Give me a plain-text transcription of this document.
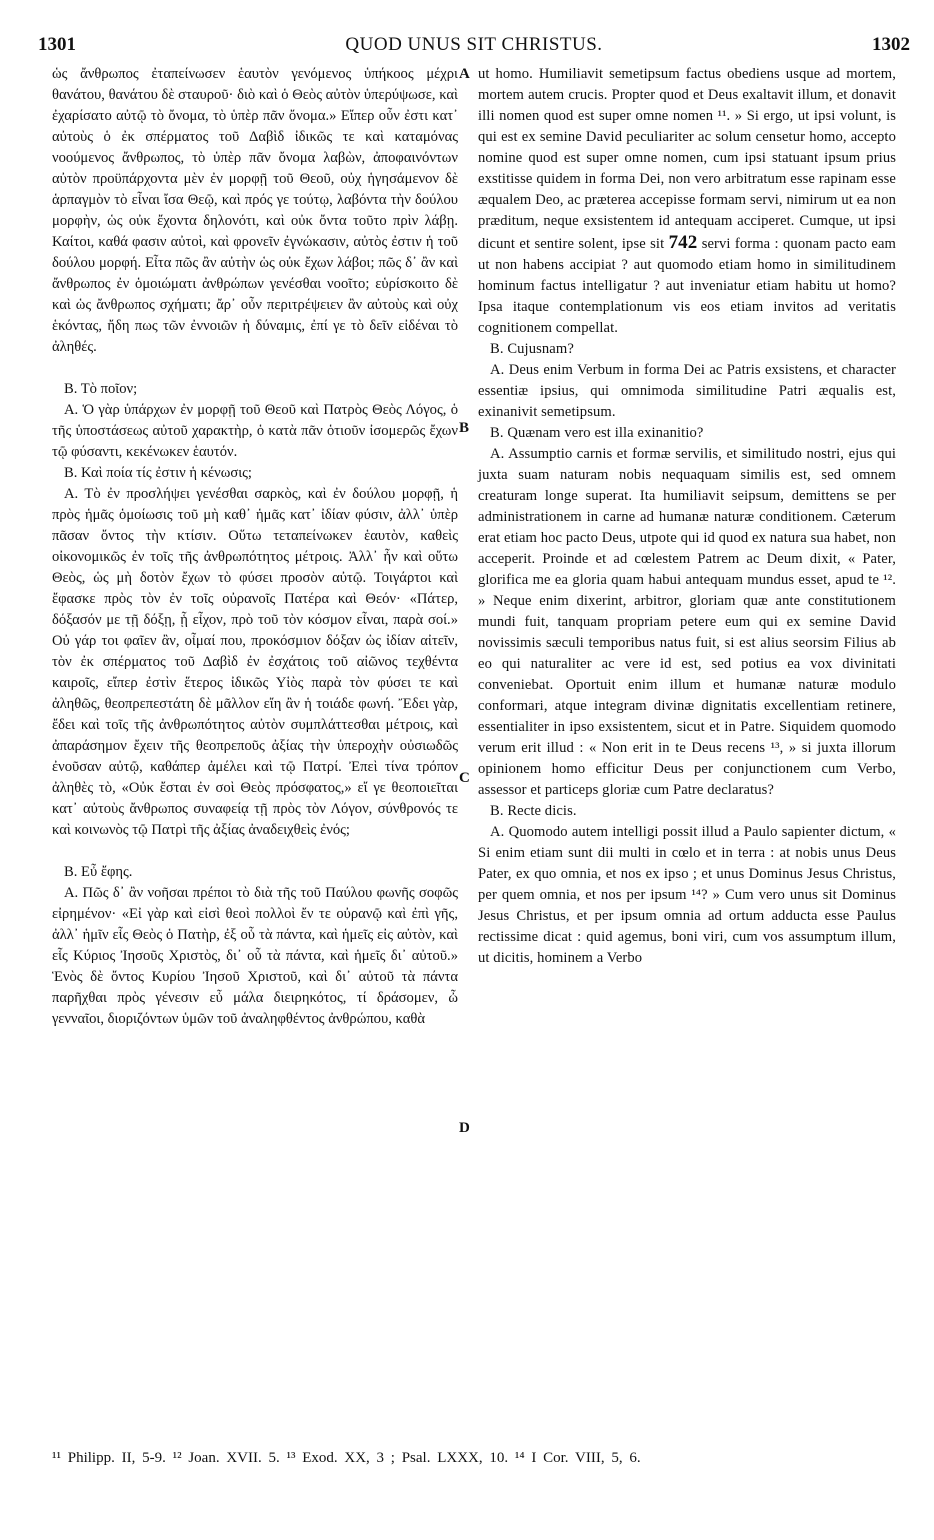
1301	QUOD UNUS SIT CHRISTUS.	1302

ὡς ἄνθρωπος ἐταπείνωσεν ἑαυτὸν γενόμενος ὑπήκοος μέχρι θανάτου, θανάτου δὲ σταυροῦ· διὸ καὶ ὁ Θεὸς αὐτὸν ὑπερύψωσε, καὶ ἐχαρίσατο αὐτῷ τὸ ὄνομα, τὸ ὑπὲρ πᾶν ὄνομα.» Εἴπερ οὖν ἐστι κατ᾽ αὐτοὺς ὁ ἐκ σπέρματος τοῦ Δαβὶδ ἰδικῶς τε καὶ καταμόνας νοούμενος ἄνθρωπος, τὸ ὑπὲρ πᾶν ὄνομα λαβὼν, ἀποφαινόντων αὐτὸν προϋπάρχοντα μὲν ἐν μορφῇ τοῦ Θεοῦ, οὐχ ἡγησάμενον δὲ ἁρπαγμὸν τὸ εἶναι ἴσα Θεῷ, καὶ πρός γε τούτῳ, λαβόντα τὴν δούλου μορφὴν, ὡς οὐκ ἔχοντα δηλονότι, καὶ οὐκ ὄντα τοῦτο πρὶν λάβῃ. Καίτοι, καθά φασιν αὐτοὶ, καὶ φρονεῖν ἐγνώκασιν, αὐτὸς ἐστιν ἡ τοῦ δούλου μορφή. Εἶτα πῶς ἂν αὐτὴν ὡς οὐκ ἔχων λάβοι; πῶς δ᾽ ἂν καὶ ἄνθρωπος ἐν ὁμοιώματι ἀνθρώπων γενέσθαι νοοῖτο; εὑρίσκοιτο δὲ καὶ ὡς ἄνθρωπος σχήματι; ἄρ᾽ οὖν περιτρέψειεν ἂν αὐτοὺς καὶ οὐχ ἑκόντας, ἤδη πως τῶν ἐννοιῶν ἡ δύναμις, ἐπί γε τὸ δεῖν εἰδέναι τὸ ἀληθές.

Β. Τὸ ποῖον;

Α. Ὁ γὰρ ὑπάρχων ἐν μορφῇ τοῦ Θεοῦ καὶ Πατρὸς Θεὸς Λόγος, ὁ τῆς ὑποστάσεως αὐτοῦ χαρακτὴρ, ὁ κατὰ πᾶν ὁτιοῦν ἰσομερῶς ἔχων τῷ φύσαντι, κεκένωκεν ἑαυτόν.

Β. Καὶ ποία τίς ἐστιν ἡ κένωσις;

Α. Τὸ ἐν προσλήψει γενέσθαι σαρκὸς, καὶ ἐν δούλου μορφῇ, ἡ πρὸς ἡμᾶς ὁμοίωσις τοῦ μὴ καθ᾽ ἡμᾶς κατ᾽ ἰδίαν φύσιν, ἀλλ᾽ ὑπὲρ πᾶσαν ὄντος τὴν κτίσιν. Οὕτω τεταπείνωκεν ἑαυτὸν, καθεὶς οἰκονομικῶς ἐν τοῖς τῆς ἀνθρωπότητος μέτροις. Ἀλλ᾽ ἦν καὶ οὕτω Θεὸς, ὡς μὴ δοτὸν ἔχων τὸ φύσει προσὸν αὐτῷ. Τοιγάρτοι καὶ ἔφασκε πρὸς τὸν ἐν τοῖς οὐρανοῖς Πατέρα καὶ Θεόν· «Πάτερ, δόξασόν με τῇ δόξῃ, ᾗ εἶχον, πρὸ τοῦ τὸν κόσμον εἶναι, παρὰ σοί.» Οὐ γάρ τοι φαῖεν ἂν, οἶμαί που, προκόσμιον δόξαν ὡς ἰδίαν αἰτεῖν, τὸν ἐκ σπέρματος τοῦ Δαβὶδ ἐν ἐσχάτοις τοῦ αἰῶνος τεχθέντα καιροῖς, εἴπερ ἐστὶν ἕτερος ἰδικῶς Υἱὸς παρὰ τὸν φύσει τε καὶ ἀληθῶς, θεοπρεπεστάτη δὲ μᾶλλον εἴη ἂν ἡ τοιάδε φωνή. Ἔδει γὰρ, ἔδει καὶ τοῖς τῆς ἀνθρωπότητος αὐτὸν συμπλάττεσθαι μέτροις, καὶ ἀπαράσημον ἔχειν τῆς θεοπρεποῦς ἀξίας τὴν ὑπεροχὴν οὐσιωδῶς ἐνοῦσαν αὐτῷ, καθάπερ ἀμέλει καὶ τῷ Πατρί. Ἐπεὶ τίνα τρόπον ἀληθὲς τὸ, «Οὐκ ἔσται ἐν σοὶ Θεὸς πρόσφατος,» εἴ γε θεοποιεῖται κατ᾽ αὐτοὺς ἄνθρωπος συναφείᾳ τῇ πρὸς τὸν Λόγον, σύνθρονός τε καὶ κοινωνὸς τῷ Πατρὶ τῆς ἀξίας ἀναδειχθεὶς ἐνός;

Β. Εὖ ἔφης.

Α. Πῶς δ᾽ ἂν νοῆσαι πρέποι τὸ διὰ τῆς τοῦ Παύλου φωνῆς σοφῶς εἰρημένον· «Εἰ γὰρ καὶ εἰσὶ θεοὶ πολλοὶ ἔν τε οὐρανῷ καὶ ἐπὶ γῆς, ἀλλ᾽ ἡμῖν εἷς Θεὸς ὁ Πατὴρ, ἐξ οὗ τὰ πάντα, καὶ ἡμεῖς εἰς αὐτὸν, καὶ εἷς Κύριος Ἰησοῦς Χριστὸς, δι᾽ οὗ τὰ πάντα, καὶ ἡμεῖς δι᾽ αὐτοῦ.» Ἑνὸς δὲ ὄντος Κυρίου Ἰησοῦ Χριστοῦ, καὶ δι᾽ αὐτοῦ τὰ πάντα παρῆχθαι πρὸς γένεσιν εὖ μάλα διειρηκότος, τί δράσομεν, ὦ γενναῖοι, διοριζόντων ὑμῶν τοῦ ἀναληφθέντος ἀνθρώπου, καθὰ

A
B
C
D

ut homo. Humiliavit semetipsum factus obediens usque ad mortem, mortem autem crucis. Propter quod et Deus exaltavit illum, et donavit illi nomen quod est super omne nomen ¹¹. » Si ergo, ut ipsi volunt, is qui est ex semine David peculiariter ac solum censetur homo, accepto nomine quod est super omne nomen, cum ipsi statuant ipsum prius exstitisse quidem in forma Dei, non vero arbitratum esse rapinam esse æqualem Deo, ac præterea accepisse formam servi, nimirum ut ea non præditum, neque exsistentem id antequam acciperet. Cumque, ut ipsi dicunt et sentire solent, ipse sit 742 servi forma : quonam pacto eam ut non habens accipiat ? aut quomodo etiam homo in similitudinem hominum factus intelligatur ? aut inveniatur etiam habitu ut homo? Ipsa itaque contemplationum vis eos etiam invitos ad veritatis cognitionem compellat.

B. Cujusnam?

A. Deus enim Verbum in forma Dei ac Patris exsistens, et character essentiæ ipsius, qui omnimoda similitudine Patri æqualis est, exinanivit semetipsum.

B. Quænam vero est illa exinanitio?

A. Assumptio carnis et formæ servilis, et similitudo nostri, ejus qui juxta suam naturam nobis nequaquam similis est, sed omnem creaturam longe superat. Ita humiliavit seipsum, demittens se per administrationem in carne ad humanæ naturæ conditionem. Cæterum erat etiam hoc pacto Deus, utpote qui id quod ex natura sua habet, non acceperit. Proinde et ad cœlestem Patrem ac Deum dixit, « Pater, glorifica me ea gloria quam habui antequam mundus esset, apud te ¹². » Neque enim dixerint, arbitror, gloriam quæ ante constitutionem mundi fuit, tanquam propriam petere eum qui ex semine David novissimis sæculi temporibus natus fuit, si est alius seorsim Filius ab eo qui naturaliter ac vere id est, sed potius ea vox divinitati conveniebat. Oportuit enim illum et humanæ naturæ modulo conformari, atque integram divinæ dignitatis excellentiam retinere, essentialiter in ipso exsistentem, sicut et in Patre. Siquidem quomodo verum erit illud : « Non erit in te Deus recens ¹³, » si juxta illorum opinionem homo efficitur Deus per conjunctionem cum Verbo, assessor et particeps gloriæ cum Patre declaratus?

B. Recte dicis.

A. Quomodo autem intelligi possit illud a Paulo sapienter dictum, « Si enim etiam sunt dii multi in cœlo et in terra : at nobis unus Deus Pater, ex quo omnia, et nos ex ipso ; et unus Dominus Jesus Christus, per quem omnia, et nos per ipsum ¹⁴? » Cum vero unus sit Dominus Jesus Christus, et per ipsum omnia ad ortum adducta esse Paulus rectissime dicat : quid agemus, boni viri, cum vos assumptum illum, ut dicitis, hominem a Verbo

¹¹ Philipp. II, 5-9. ¹² Joan. XVII. 5. ¹³ Exod. XX, 3 ; Psal. LXXX, 10. ¹⁴ I Cor. VIII, 5, 6.
